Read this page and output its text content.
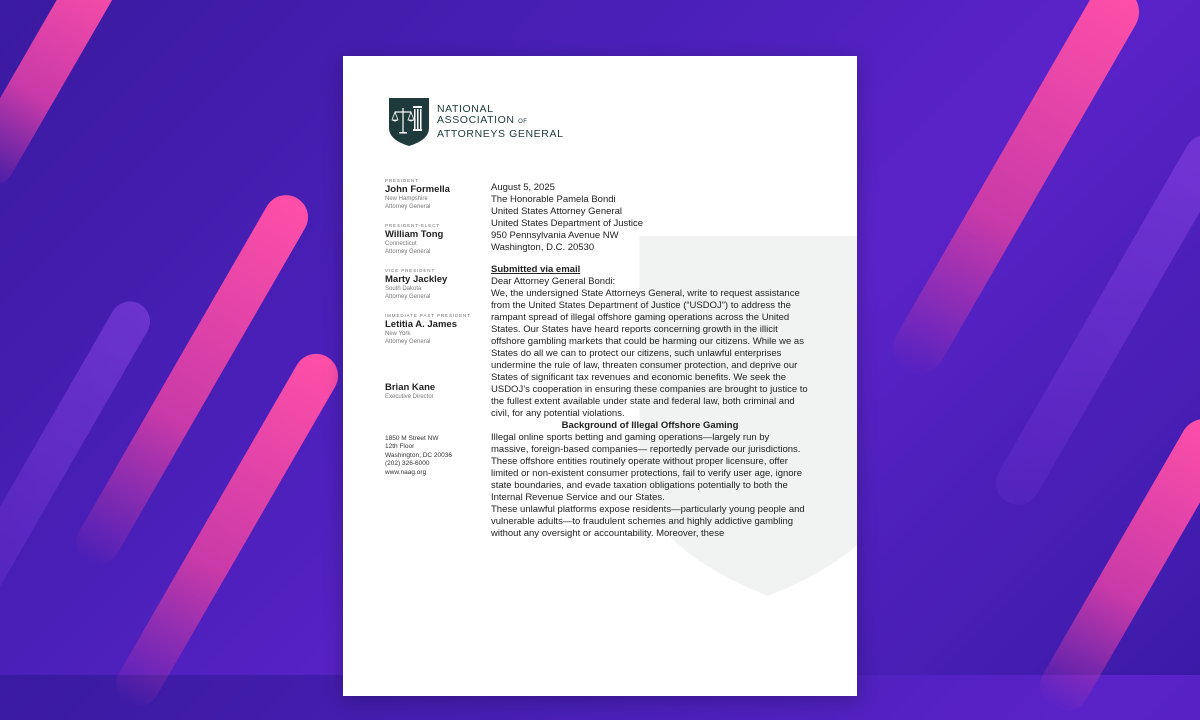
NATIONAL
ASSOCIATION OF
ATTORNEYS GENERAL
PRESIDENT
John Formella
New Hampshire
Attorney General
PRESIDENT-ELECT
William Tong
Connecticut
Attorney General
VICE PRESIDENT
Marty Jackley
South Dakota
Attorney General
IMMEDIATE PAST PRESIDENT
Letitia A. James
New York
Attorney General
Brian Kane
Executive Director
1850 M Street NW
12th Floor
Washington, DC 20036
(202) 326-6000
www.naag.org

August 5, 2025

The Honorable Pamela Bondi
United States Attorney General
United States Department of Justice
950 Pennsylvania Avenue NW
Washington, D.C. 20530

Submitted via email

Dear Attorney General Bondi:

We, the undersigned State Attorneys General, write to request assistance from the United States Department of Justice (“USDOJ”) to address the rampant spread of illegal offshore gaming operations across the United States. Our States have heard reports concerning growth in the illicit offshore gambling markets that could be harming our citizens. While we as States do all we can to protect our citizens, such unlawful enterprises undermine the rule of law, threaten consumer protection, and deprive our States of significant tax revenues and economic benefits. We seek the USDOJ’s cooperation in ensuring these companies are brought to justice to the fullest extent available under state and federal law, both criminal and civil, for any potential violations.

Background of Illegal Offshore Gaming

Illegal online sports betting and gaming operations—largely run by massive, foreign-based companies— reportedly pervade our jurisdictions. These offshore entities routinely operate without proper licensure, offer limited or non-existent consumer protections, fail to verify user age, ignore state boundaries, and evade taxation obligations potentially to both the Internal Revenue Service and our States.

These unlawful platforms expose residents—particularly young people and vulnerable adults—to fraudulent schemes and highly addictive gambling without any oversight or accountability. Moreover, these
